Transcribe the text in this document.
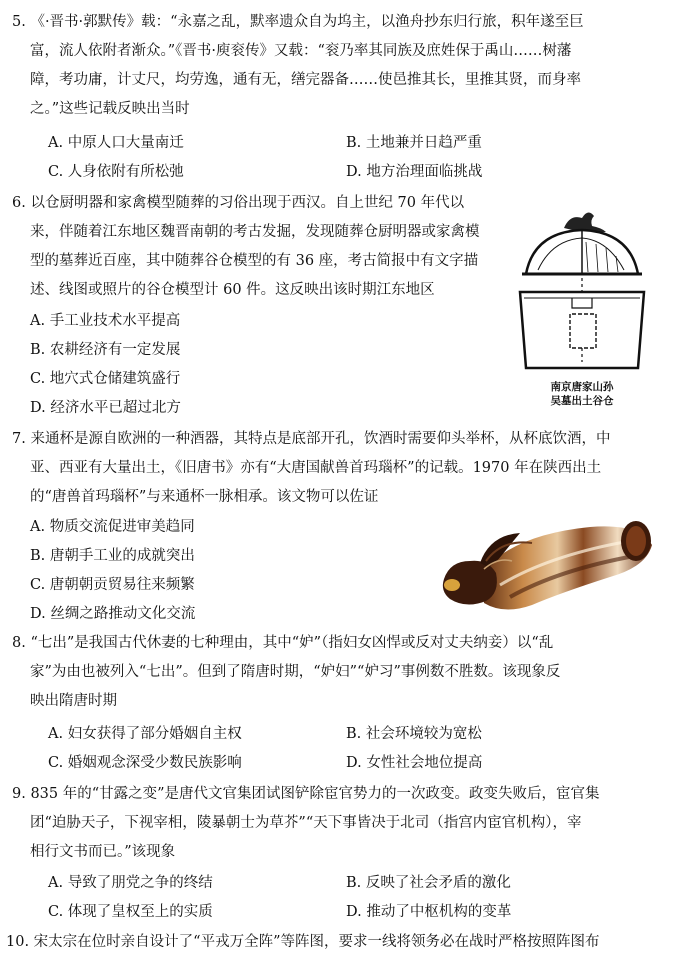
5. 《·晋书·郭默传》载：“永嘉之乱，默率遗众自为坞主，以渔舟抄东归行旅，积年遂至巨
富，流人依附者渐众。”《晋书·庾衮传》又载：“衮乃率其同族及庶姓保于禹山……树藩
障，考功庸，计丈尺，均劳逸，通有无，缮完器备……使邑推其长，里推其贤，而身率
之。”这些记载反映出当时
A. 中原人口大量南迁	B. 土地兼并日趋严重
C. 人身依附有所松弛	D. 地方治理面临挑战
6. 以仓厨明器和家禽模型随葬的习俗出现于西汉。自上世纪 70 年代以
来，伴随着江东地区魏晋南朝的考古发掘，发现随葬仓厨明器或家禽模
型的墓葬近百座，其中随葬谷仓模型的有 36 座，考古简报中有文字描
述、线图或照片的谷仓模型计 60 件。这反映出该时期江东地区
A. 手工业技术水平提高
B. 农耕经济有一定发展
C. 地穴式仓储建筑盛行
D. 经济水平已超过北方
南京唐家山孙
吴墓出土谷仓
7. 来通杯是源自欧洲的一种酒器，其特点是底部开孔，饮酒时需要仰头举杯，从杯底饮酒，中
亚、西亚有大量出土，《旧唐书》亦有“大唐国献兽首玛瑙杯”的记载。1970 年在陕西出土
的“唐兽首玛瑙杯”与来通杯一脉相承。该文物可以佐证
A. 物质交流促进审美趋同
B. 唐朝手工业的成就突出
C. 唐朝朝贡贸易往来频繁
D. 丝绸之路推动文化交流
8. “七出”是我国古代休妻的七种理由，其中“妒”（指妇女凶悍或反对丈夫纳妾）以“乱
家”为由也被列入“七出”。但到了隋唐时期，“妒妇”“妒习”事例数不胜数。该现象反
映出隋唐时期
A. 妇女获得了部分婚姻自主权	B. 社会环境较为宽松
C. 婚姻观念深受少数民族影响	D. 女性社会地位提高
9. 835 年的“甘露之变”是唐代文官集团试图铲除宦官势力的一次政变。政变失败后，宦官集
团“迫胁天子，下视宰相，陵暴朝士为草芥”“天下事皆决于北司（指宫内宦官机构），宰
相行文书而已。”该现象
A. 导致了朋党之争的终结	B. 反映了社会矛盾的激化
C. 体现了皇权至上的实质	D. 推动了中枢机构的变革
10. 宋太宗在位时亲自设计了“平戎万全阵”等阵图，要求一线将领务必在战时严格按照阵图布
